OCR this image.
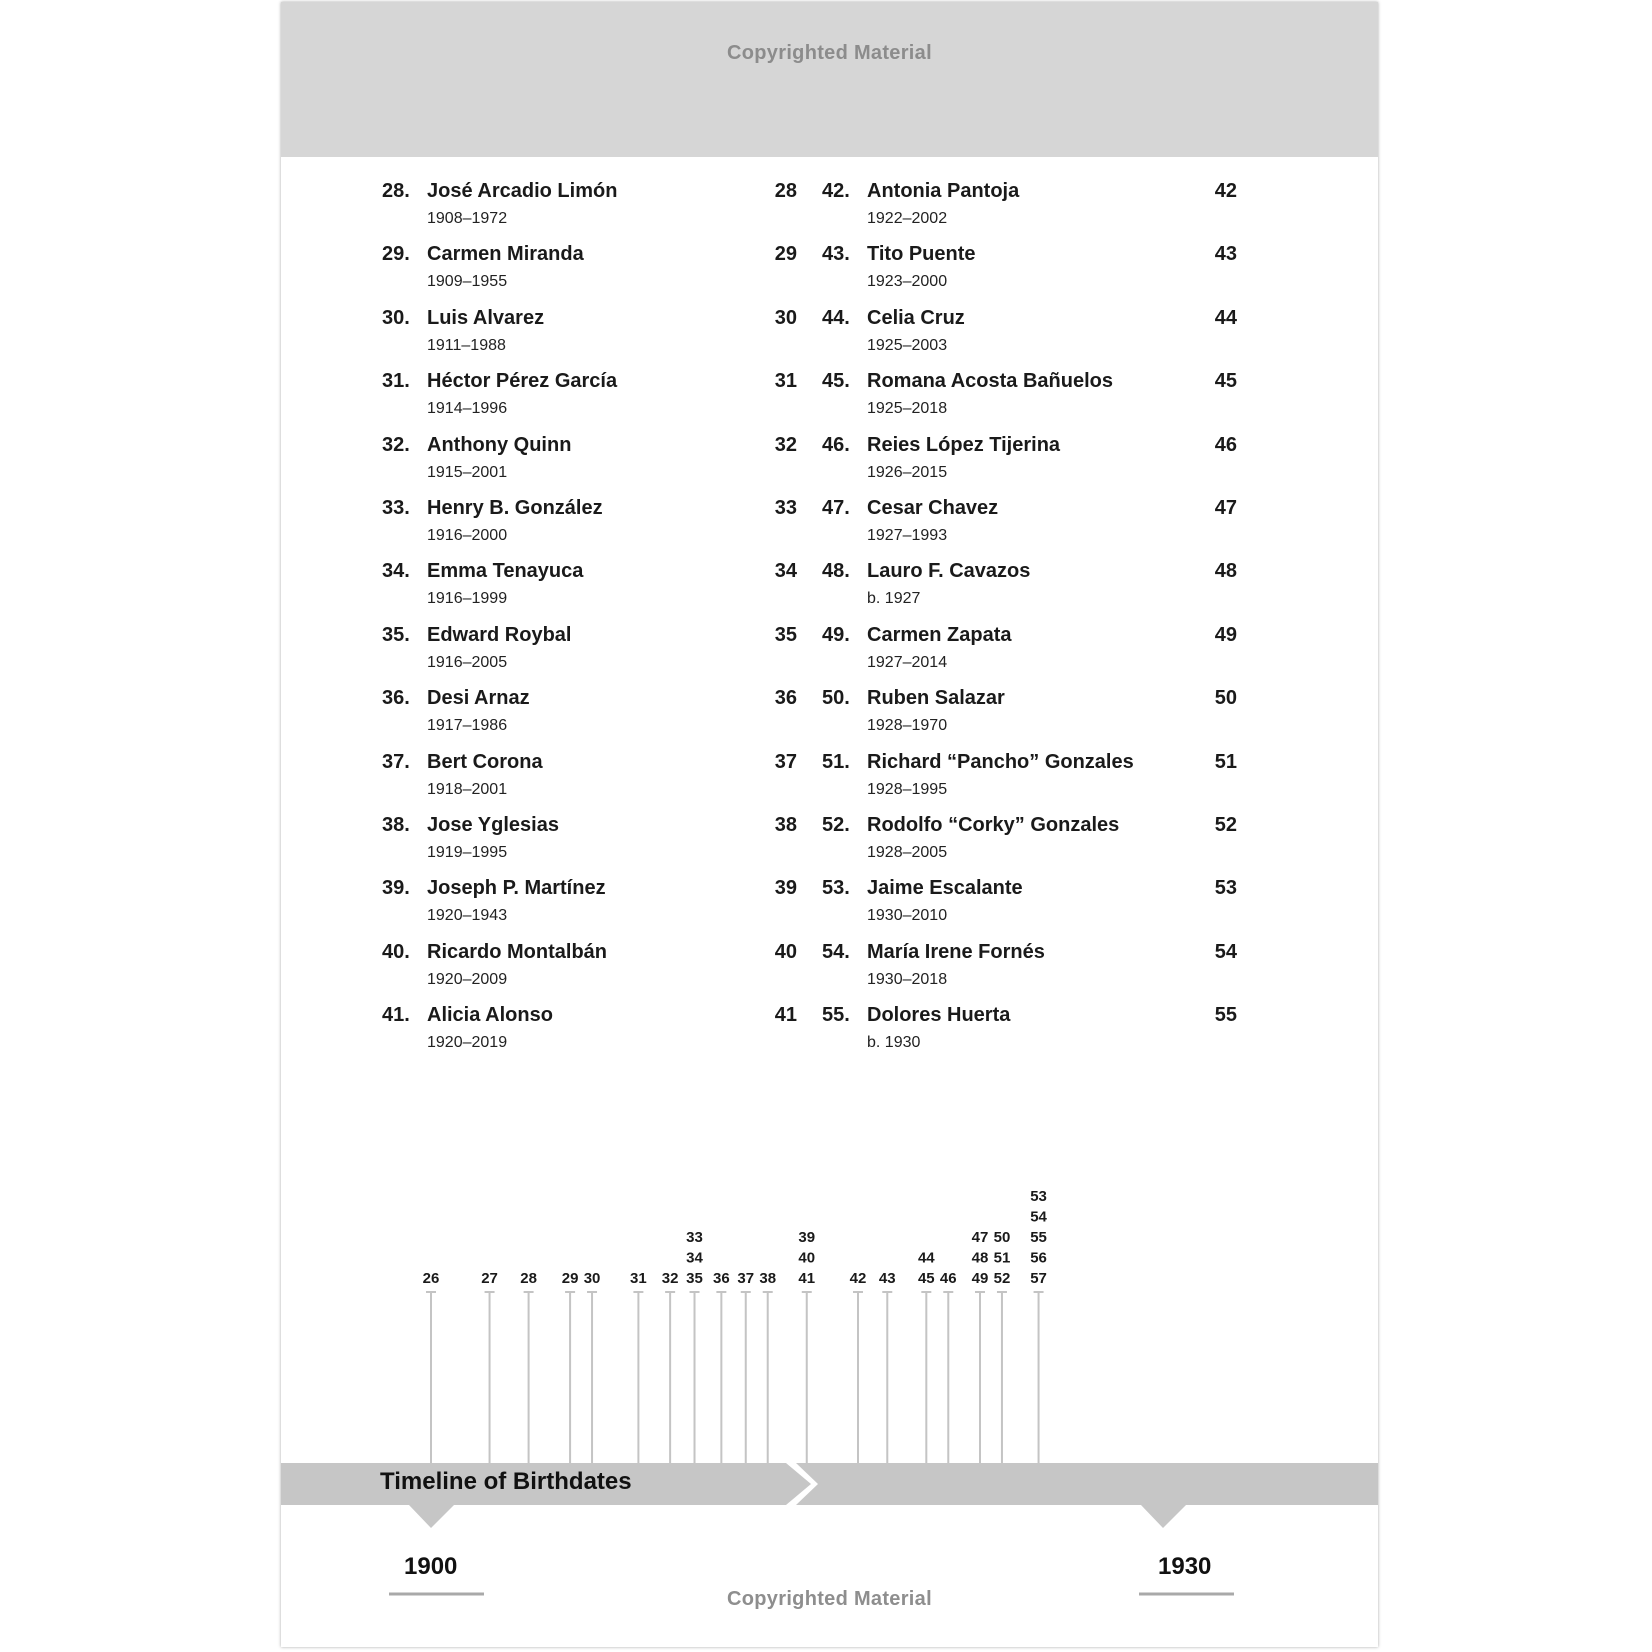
Copyrighted Material
28. José Arcadio Limón
1908–1972
28
29. Carmen Miranda
1909–1955
29
30. Luis Alvarez
1911–1988
30
31. Héctor Pérez García
1914–1996
31
32. Anthony Quinn
1915–2001
32
33. Henry B. González
1916–2000
33
34. Emma Tenayuca
1916–1999
34
35. Edward Roybal
1916–2005
35
36. Desi Arnaz
1917–1986
36
37. Bert Corona
1918–2001
37
38. Jose Yglesias
1919–1995
38
39. Joseph P. Martínez
1920–1943
39
40. Ricardo Montalbán
1920–2009
40
41. Alicia Alonso
1920–2019
41
42. Antonia Pantoja
1922–2002
42
43. Tito Puente
1923–2000
43
44. Celia Cruz
1925–2003
44
45. Romana Acosta Bañuelos
1925–2018
45
46. Reies López Tijerina
1926–2015
46
47. Cesar Chavez
1927–1993
47
48. Lauro F. Cavazos
b. 1927
48
49. Carmen Zapata
1927–2014
49
50. Ruben Salazar
1928–1970
50
51. Richard “Pancho” Gonzales
1928–1995
51
52. Rodolfo “Corky” Gonzales
1928–2005
52
53. Jaime Escalante
1930–2010
53
54. María Irene Fornés
1930–2018
54
55. Dolores Huerta
b. 1930
55
26	27 28 29 30 31 32
33
34
35 36 37 38
39
40
41 42 43
44
45 46
47
48
49
50
51
52
53
54
55
56
57
Timeline of Birthdates
1900	1930
Copyrighted Material
